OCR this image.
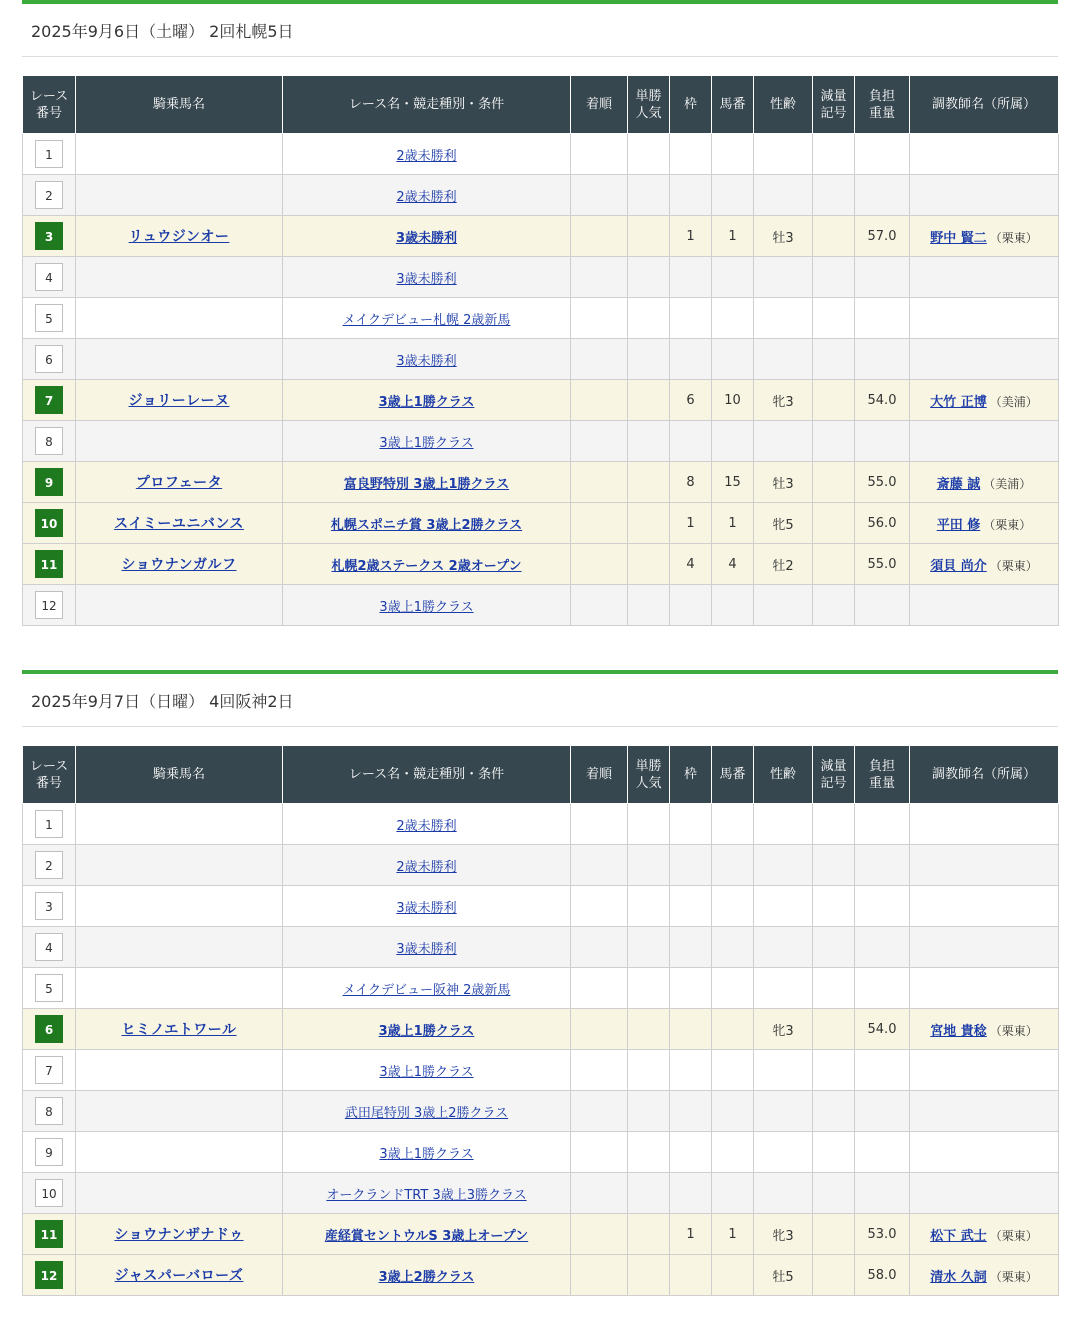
2025年9月6日（土曜） 2回札幌5日
レース
番号	騎乗馬名	レース名・競走種別・条件	着順	単勝
人気	枠	馬番	性齢	減量
記号	負担
重量	調教師名（所属）
1		2歳未勝利								
2		2歳未勝利								
3	リュウジンオー	3歳未勝利			1	1	牡3		57.0	野中 賢二 （栗東）
4		3歳未勝利								
5		メイクデビュー札幌 2歳新馬								
6		3歳未勝利								
7	ジョリーレーヌ	3歳上1勝クラス			6	10	牝3		54.0	大竹 正博 （美浦）
8		3歳上1勝クラス								
9	プロフェータ	富良野特別 3歳上1勝クラス			8	15	牡3		55.0	斎藤 誠 （美浦）
10	スイミーユニバンス	札幌スポニチ賞 3歳上2勝クラス			1	1	牝5		56.0	平田 修 （栗東）
11	ショウナンガルフ	札幌2歳ステークス 2歳オープン			4	4	牡2		55.0	須貝 尚介 （栗東）
12		3歳上1勝クラス								
2025年9月7日（日曜） 4回阪神2日
レース
番号	騎乗馬名	レース名・競走種別・条件	着順	単勝
人気	枠	馬番	性齢	減量
記号	負担
重量	調教師名（所属）
1		2歳未勝利								
2		2歳未勝利								
3		3歳未勝利								
4		3歳未勝利								
5		メイクデビュー阪神 2歳新馬								
6	ヒミノエトワール	3歳上1勝クラス					牝3		54.0	宮地 貴稔 （栗東）
7		3歳上1勝クラス								
8		武田尾特別 3歳上2勝クラス								
9		3歳上1勝クラス								
10		オークランドTRT 3歳上3勝クラス								
11	ショウナンザナドゥ	産経賞セントウルS 3歳上オープン			1	1	牝3		53.0	松下 武士 （栗東）
12	ジャスパーバローズ	3歳上2勝クラス					牡5		58.0	清水 久詞 （栗東）
